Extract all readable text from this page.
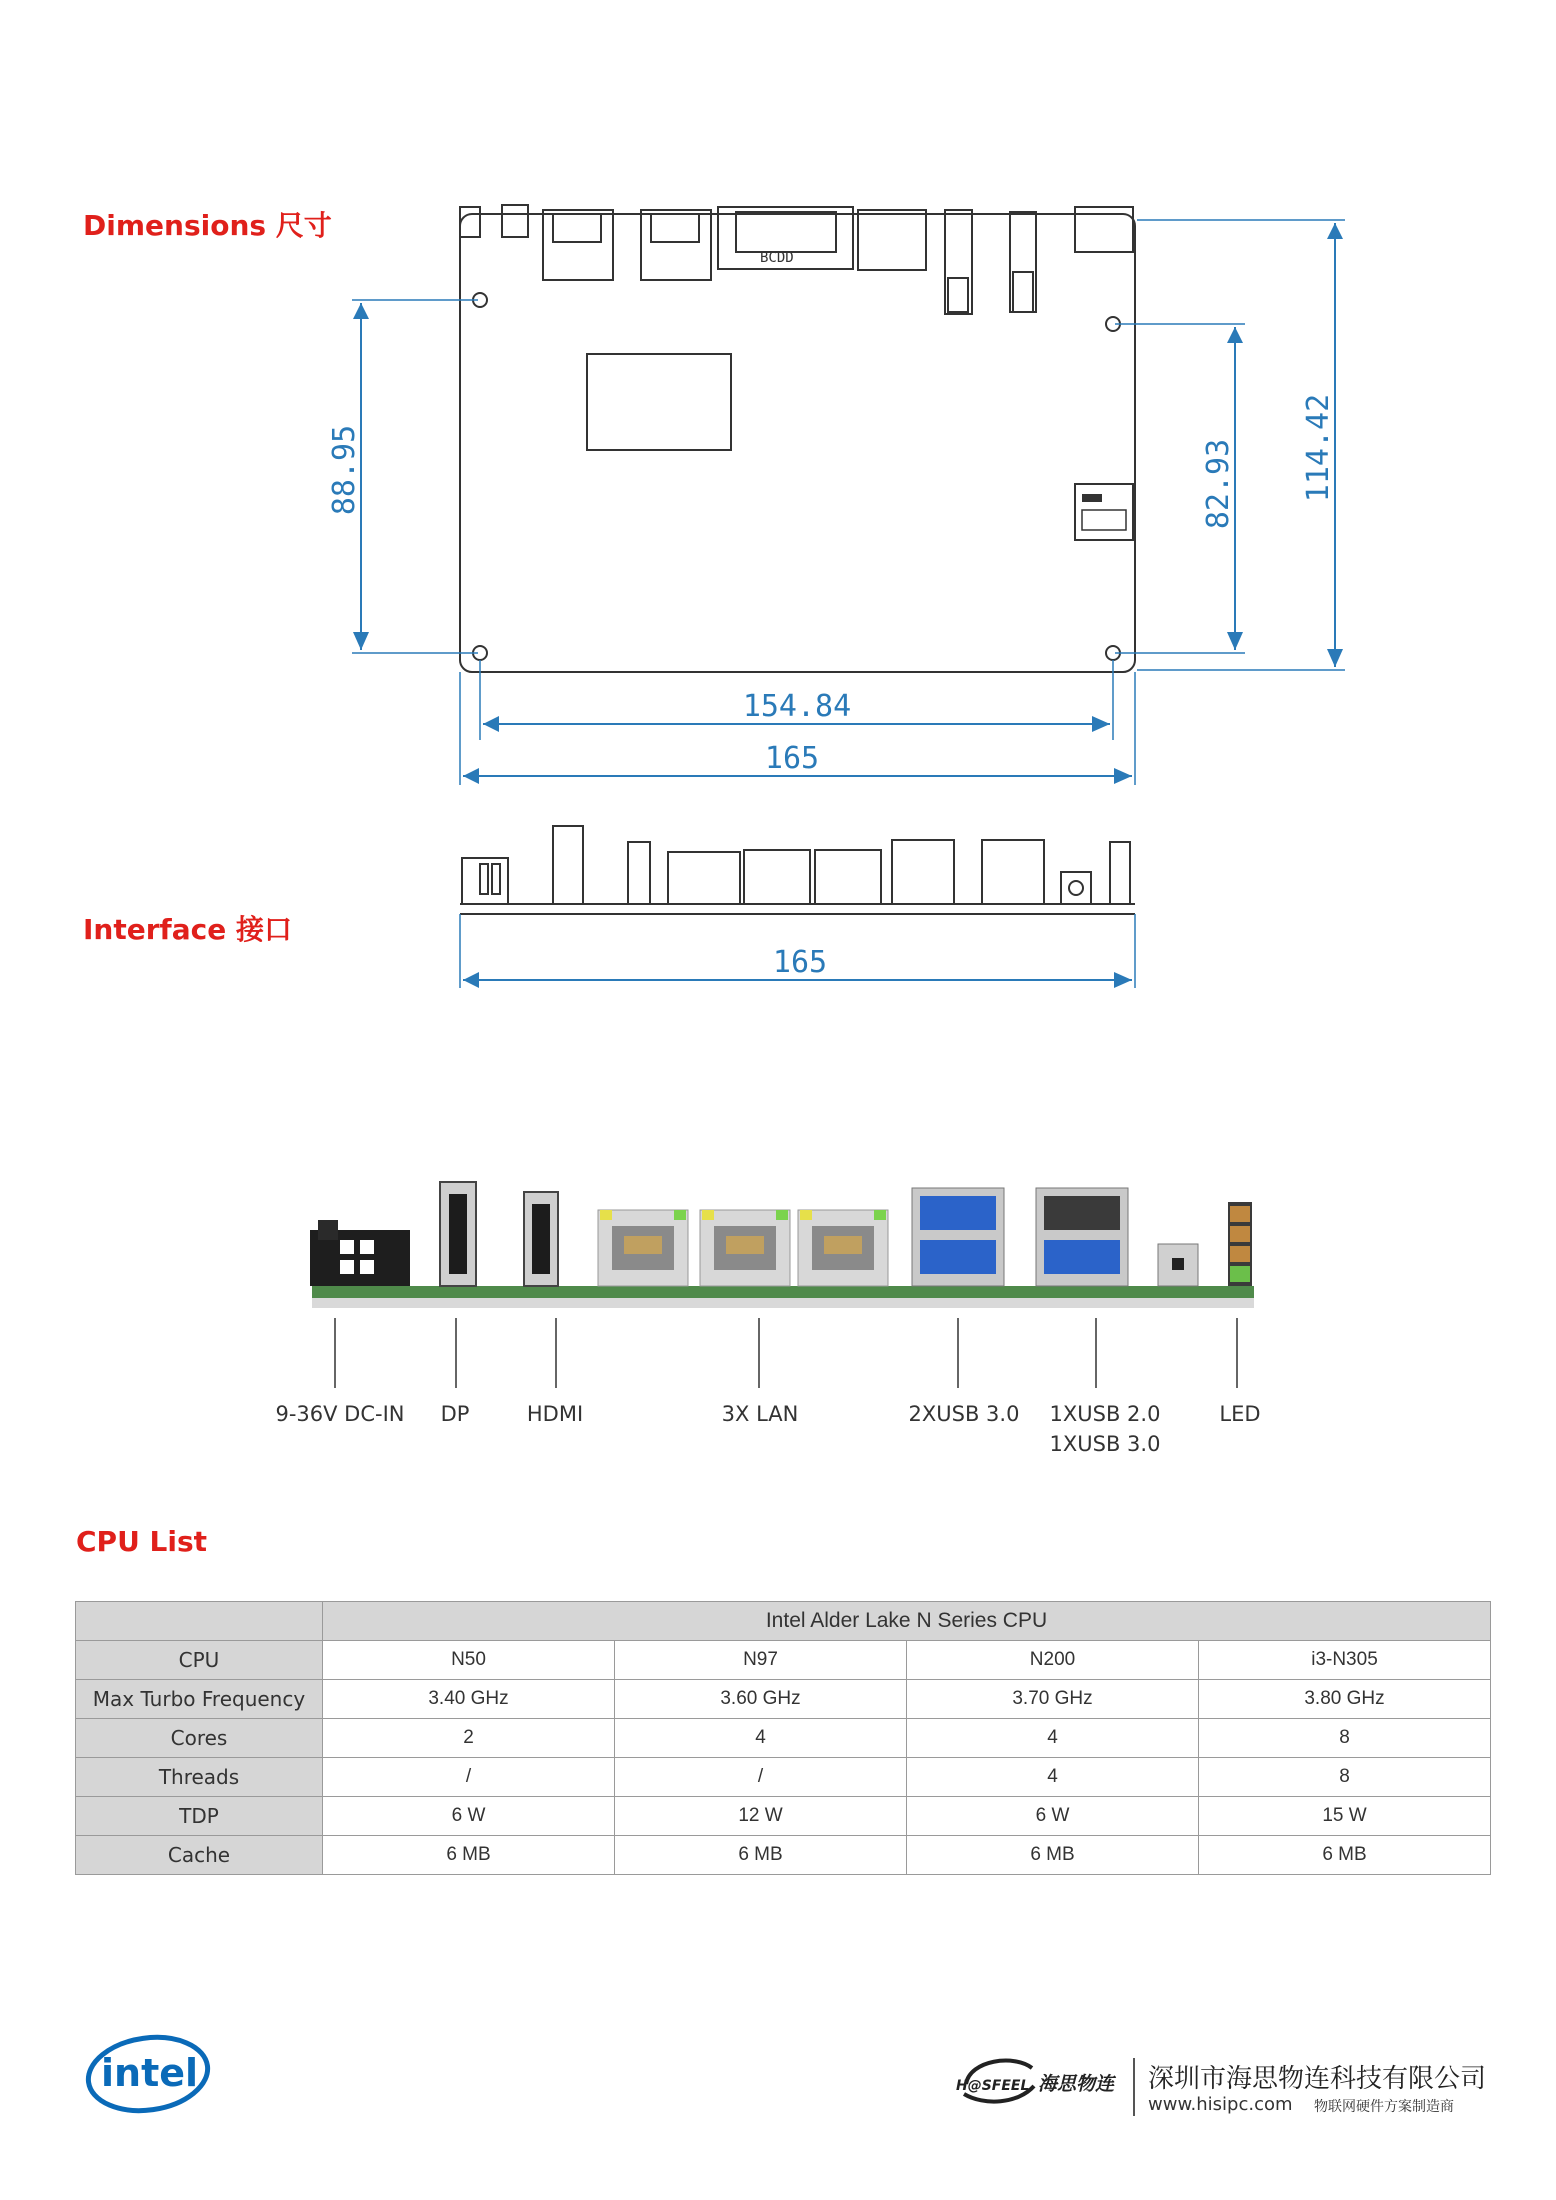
Dimensions 尺寸
Interface 接口
CPU List
BCDD
88.95	82.93 114.42
154.84
165
165
9-36V DC-IN	DP	HDMI	3X LAN	2XUSB 3.0	1XUSB 2.0
1XUSB 3.0
LED
	Intel Alder Lake N Series CPU			
CPU	N50	N97	N200	i3-N305
Max Turbo Frequency	3.40 GHz	3.60 GHz	3.70 GHz	3.80 GHz
Cores	2	4	4	8
Threads	/	/	4	8
TDP	6 W	12 W	6 W	15 W
Cache	6 MB	6 MB	6 MB	6 MB
intel	H@SFEEL 海思物连 深圳市海思物连科技有限公司
www.hisipc.com 物联网硬件方案制造商
